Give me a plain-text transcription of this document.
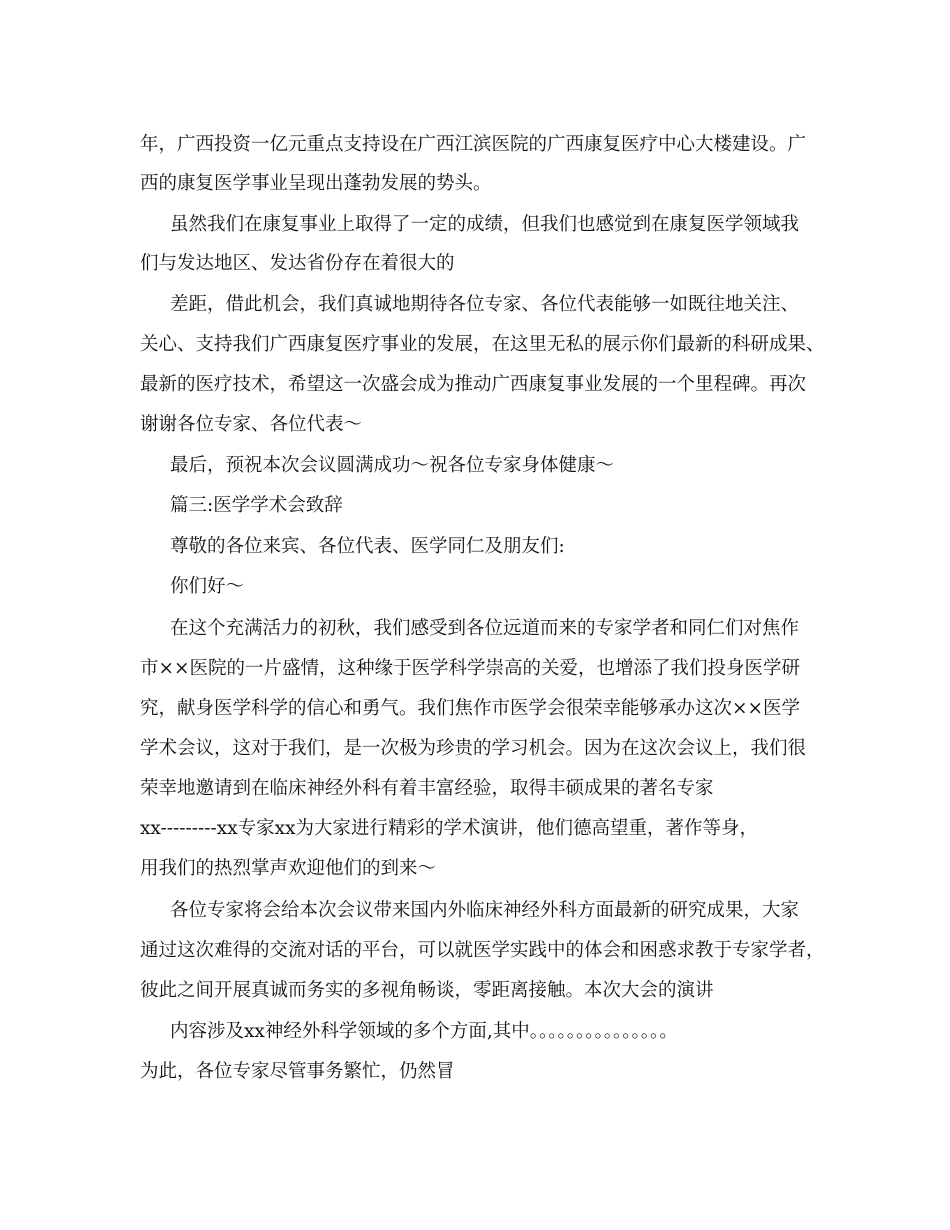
年，广西投资一亿元重点支持设在广西江滨医院的广西康复医疗中心大楼建设。广
西的康复医学事业呈现出蓬勃发展的势头。
虽然我们在康复事业上取得了一定的成绩，但我们也感觉到在康复医学领域我
们与发达地区、发达省份存在着很大的
差距，借此机会，我们真诚地期待各位专家、各位代表能够一如既往地关注、
关心、支持我们广西康复医疗事业的发展，在这里无私的展示你们最新的科研成果、
最新的医疗技术，希望这一次盛会成为推动广西康复事业发展的一个里程碑。再次
谢谢各位专家、各位代表～
最后，预祝本次会议圆满成功～祝各位专家身体健康～
篇三:医学学术会致辞
尊敬的各位来宾、各位代表、医学同仁及朋友们:
你们好～
在这个充满活力的初秋，我们感受到各位远道而来的专家学者和同仁们对焦作
市××医院的一片盛情，这种缘于医学科学崇高的关爱，也增添了我们投身医学研
究，献身医学科学的信心和勇气。我们焦作市医学会很荣幸能够承办这次××医学
学术会议，这对于我们，是一次极为珍贵的学习机会。因为在这次会议上，我们很
荣幸地邀请到在临床神经外科有着丰富经验，取得丰硕成果的著名专家
xx---------xx专家xx为大家进行精彩的学术演讲，他们德高望重，著作等身，
用我们的热烈掌声欢迎他们的到来～
各位专家将会给本次会议带来国内外临床神经外科方面最新的研究成果，大家
通过这次难得的交流对话的平台，可以就医学实践中的体会和困惑求教于专家学者，
彼此之间开展真诚而务实的多视角畅谈，零距离接触。本次大会的演讲
内容涉及xx神经外科学领域的多个方面,其中。。。。。。。。。。。。。。。
为此，各位专家尽管事务繁忙，仍然冒
